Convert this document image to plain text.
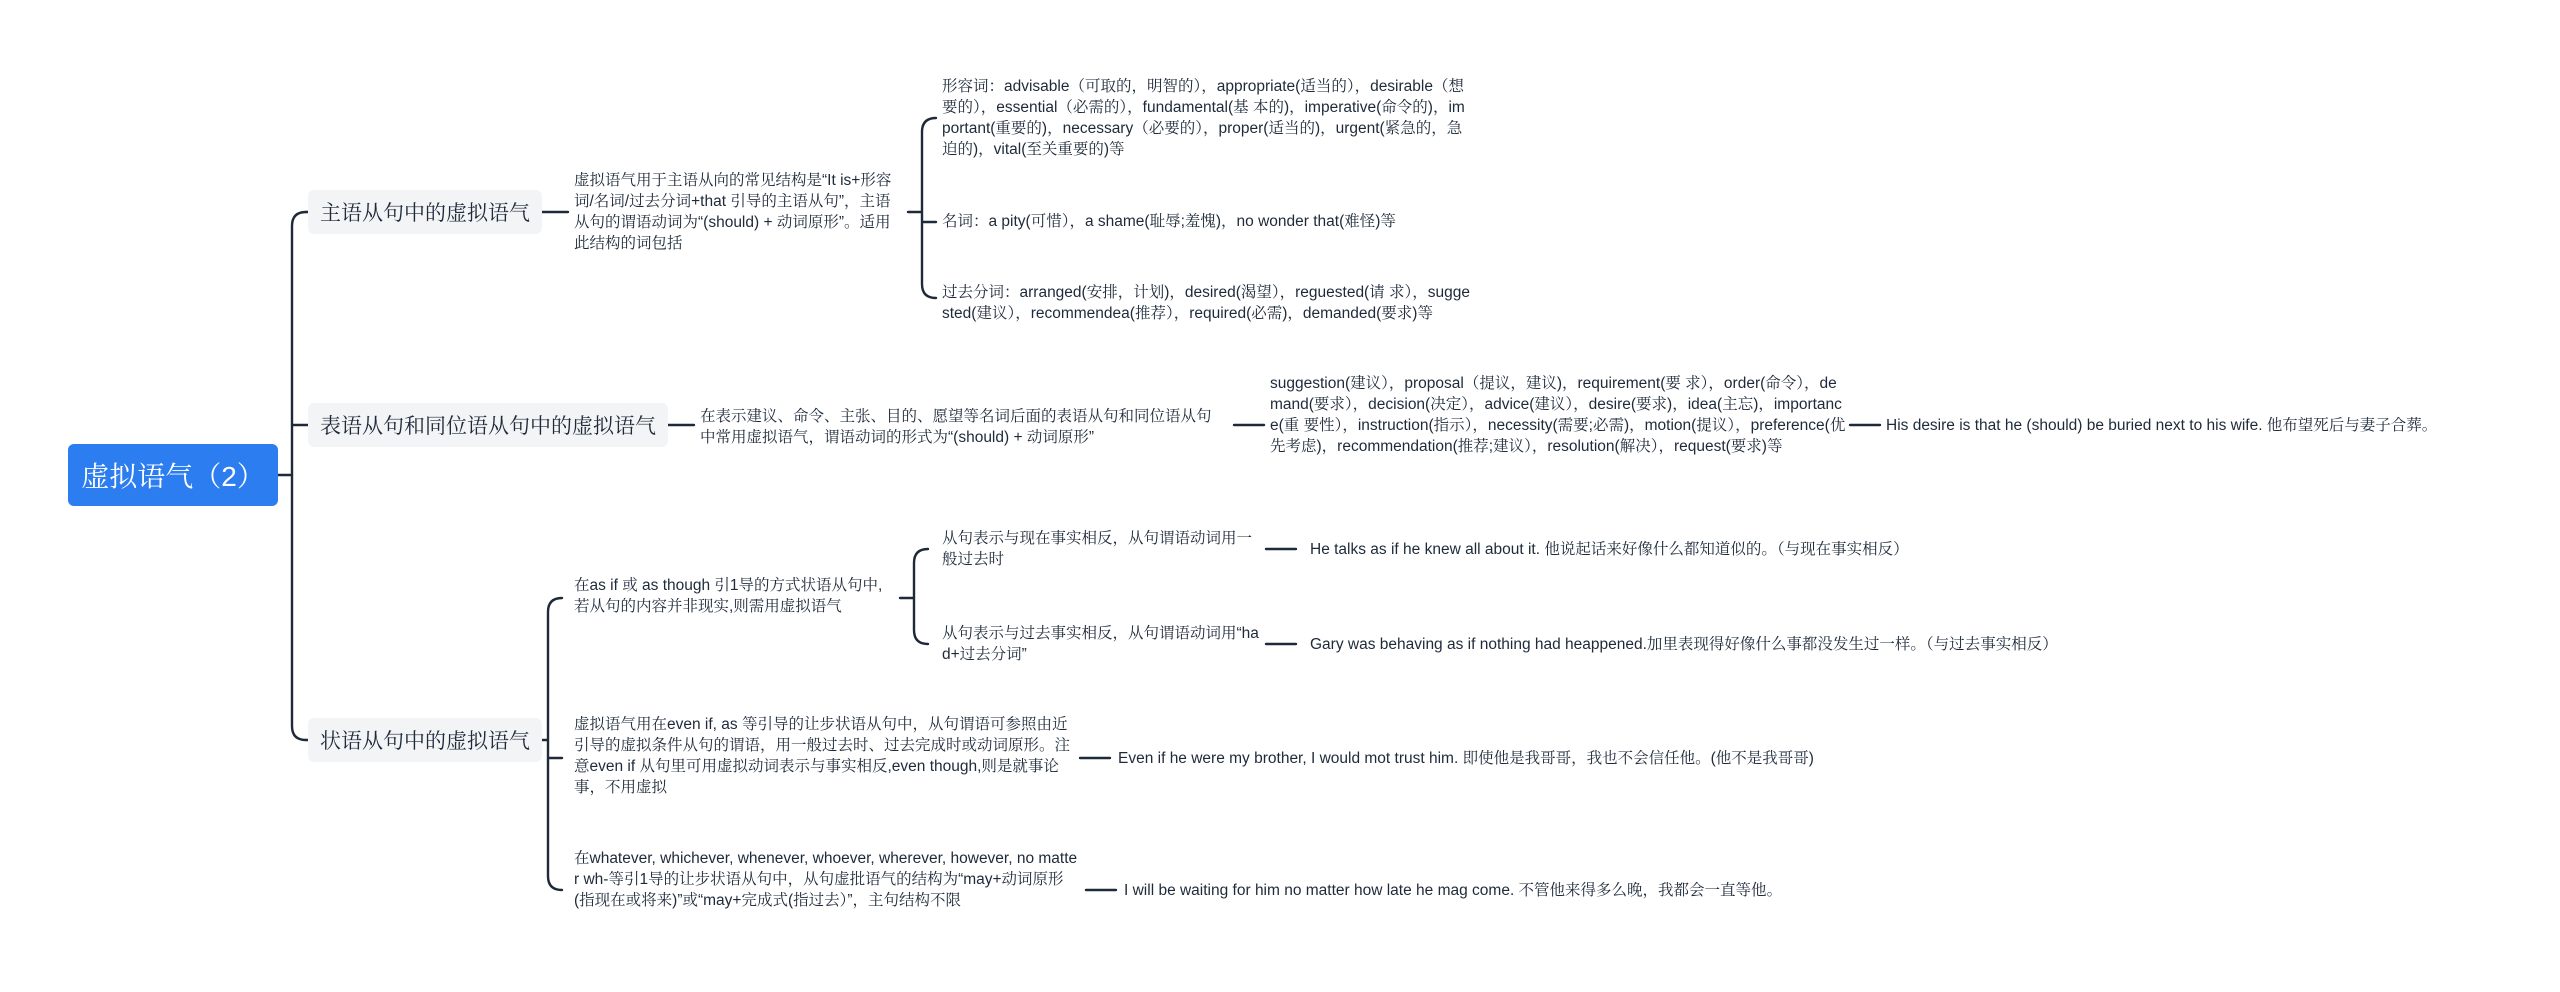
虚拟语气（2）
主语从句中的虚拟语气
虚拟语气用于主语从向的常见结构是“It is+形容词/名词/过去分词+that 引导的主语从句”，主语从句的谓语动词为“(should) + 动词原形”。适用此结构的词包括
形容词：advisable（可取的，明智的），appropriate(适当的），desirable（想要的），essential（必需的），fundamental(基 本的)，imperative(命令的)，important(重要的)，necessary（必要的），proper(适当的)，urgent(紧急的，急迫的)，vital(至关重要的)等
名词：a pity(可惜），a shame(耻辱;羞愧)，no wonder that(难怪)等
过去分词：arranged(安排，计划)，desired(渴望），reguested(请 求），suggested(建议），recommendea(推荐），required(必需)，demanded(要求)等
表语从句和同位语从句中的虚拟语气	在表示建议、命令、主张、目的、愿望等名词后面的表语从句和同位语从句中常用虚拟语气，谓语动词的形式为“(should) + 动词原形”
suggestion(建议），proposal（提议，建议)，requirement(要 求），order(命令），demand(要求），decision(决定），advice(建议），desire(要求)，idea(主忘)，importance(重 要性），instruction(指示），necessity(需要;必需)，motion(提议），preference(优先考虑)，recommendation(推荐;建议），resolution(解决），request(要求)等
His desire is that he (should) be buried next to his wife. 他布望死后与妻子合葬。
状语从句中的虚拟语气
在as if 或 as though 引1导的方式状语从句中,若从句的内容并非现实,则需用虚拟语气
从句表示与现在事实相反，从句谓语动词用一般过去时
He talks as if he knew all about it. 他说起话来好像什么都知道似的。（与现在事实相反）
从句表示与过去事实相反，从句谓语动词用“had+过去分词”
Gary was behaving as if nothing had heappened.加里表现得好像什么事都没发生过一样。（与过去事实相反）
虚拟语气用在even if, as 等引导的让步状语从句中，从句谓语可参照由近引导的虚拟条件从句的谓语，用一般过去时、过去完成时或动词原形。注意even if 从句里可用虚拟动词表示与事实相反,even though,则是就事论事，不用虚拟
Even if he were my brother, I would mot trust him. 即使他是我哥哥，我也不会信任他。(他不是我哥哥)
在whatever, whichever, whenever, whoever, wherever, however, no matter wh-等引1导的让步状语从句中，从句虚批语气的结构为“may+动词原形(指现在或将来)”或“may+完成式(指过去）”，主句结构不限
I will be waiting for him no matter how late he mag come. 不管他来得多么晚，我都会一直等他。
